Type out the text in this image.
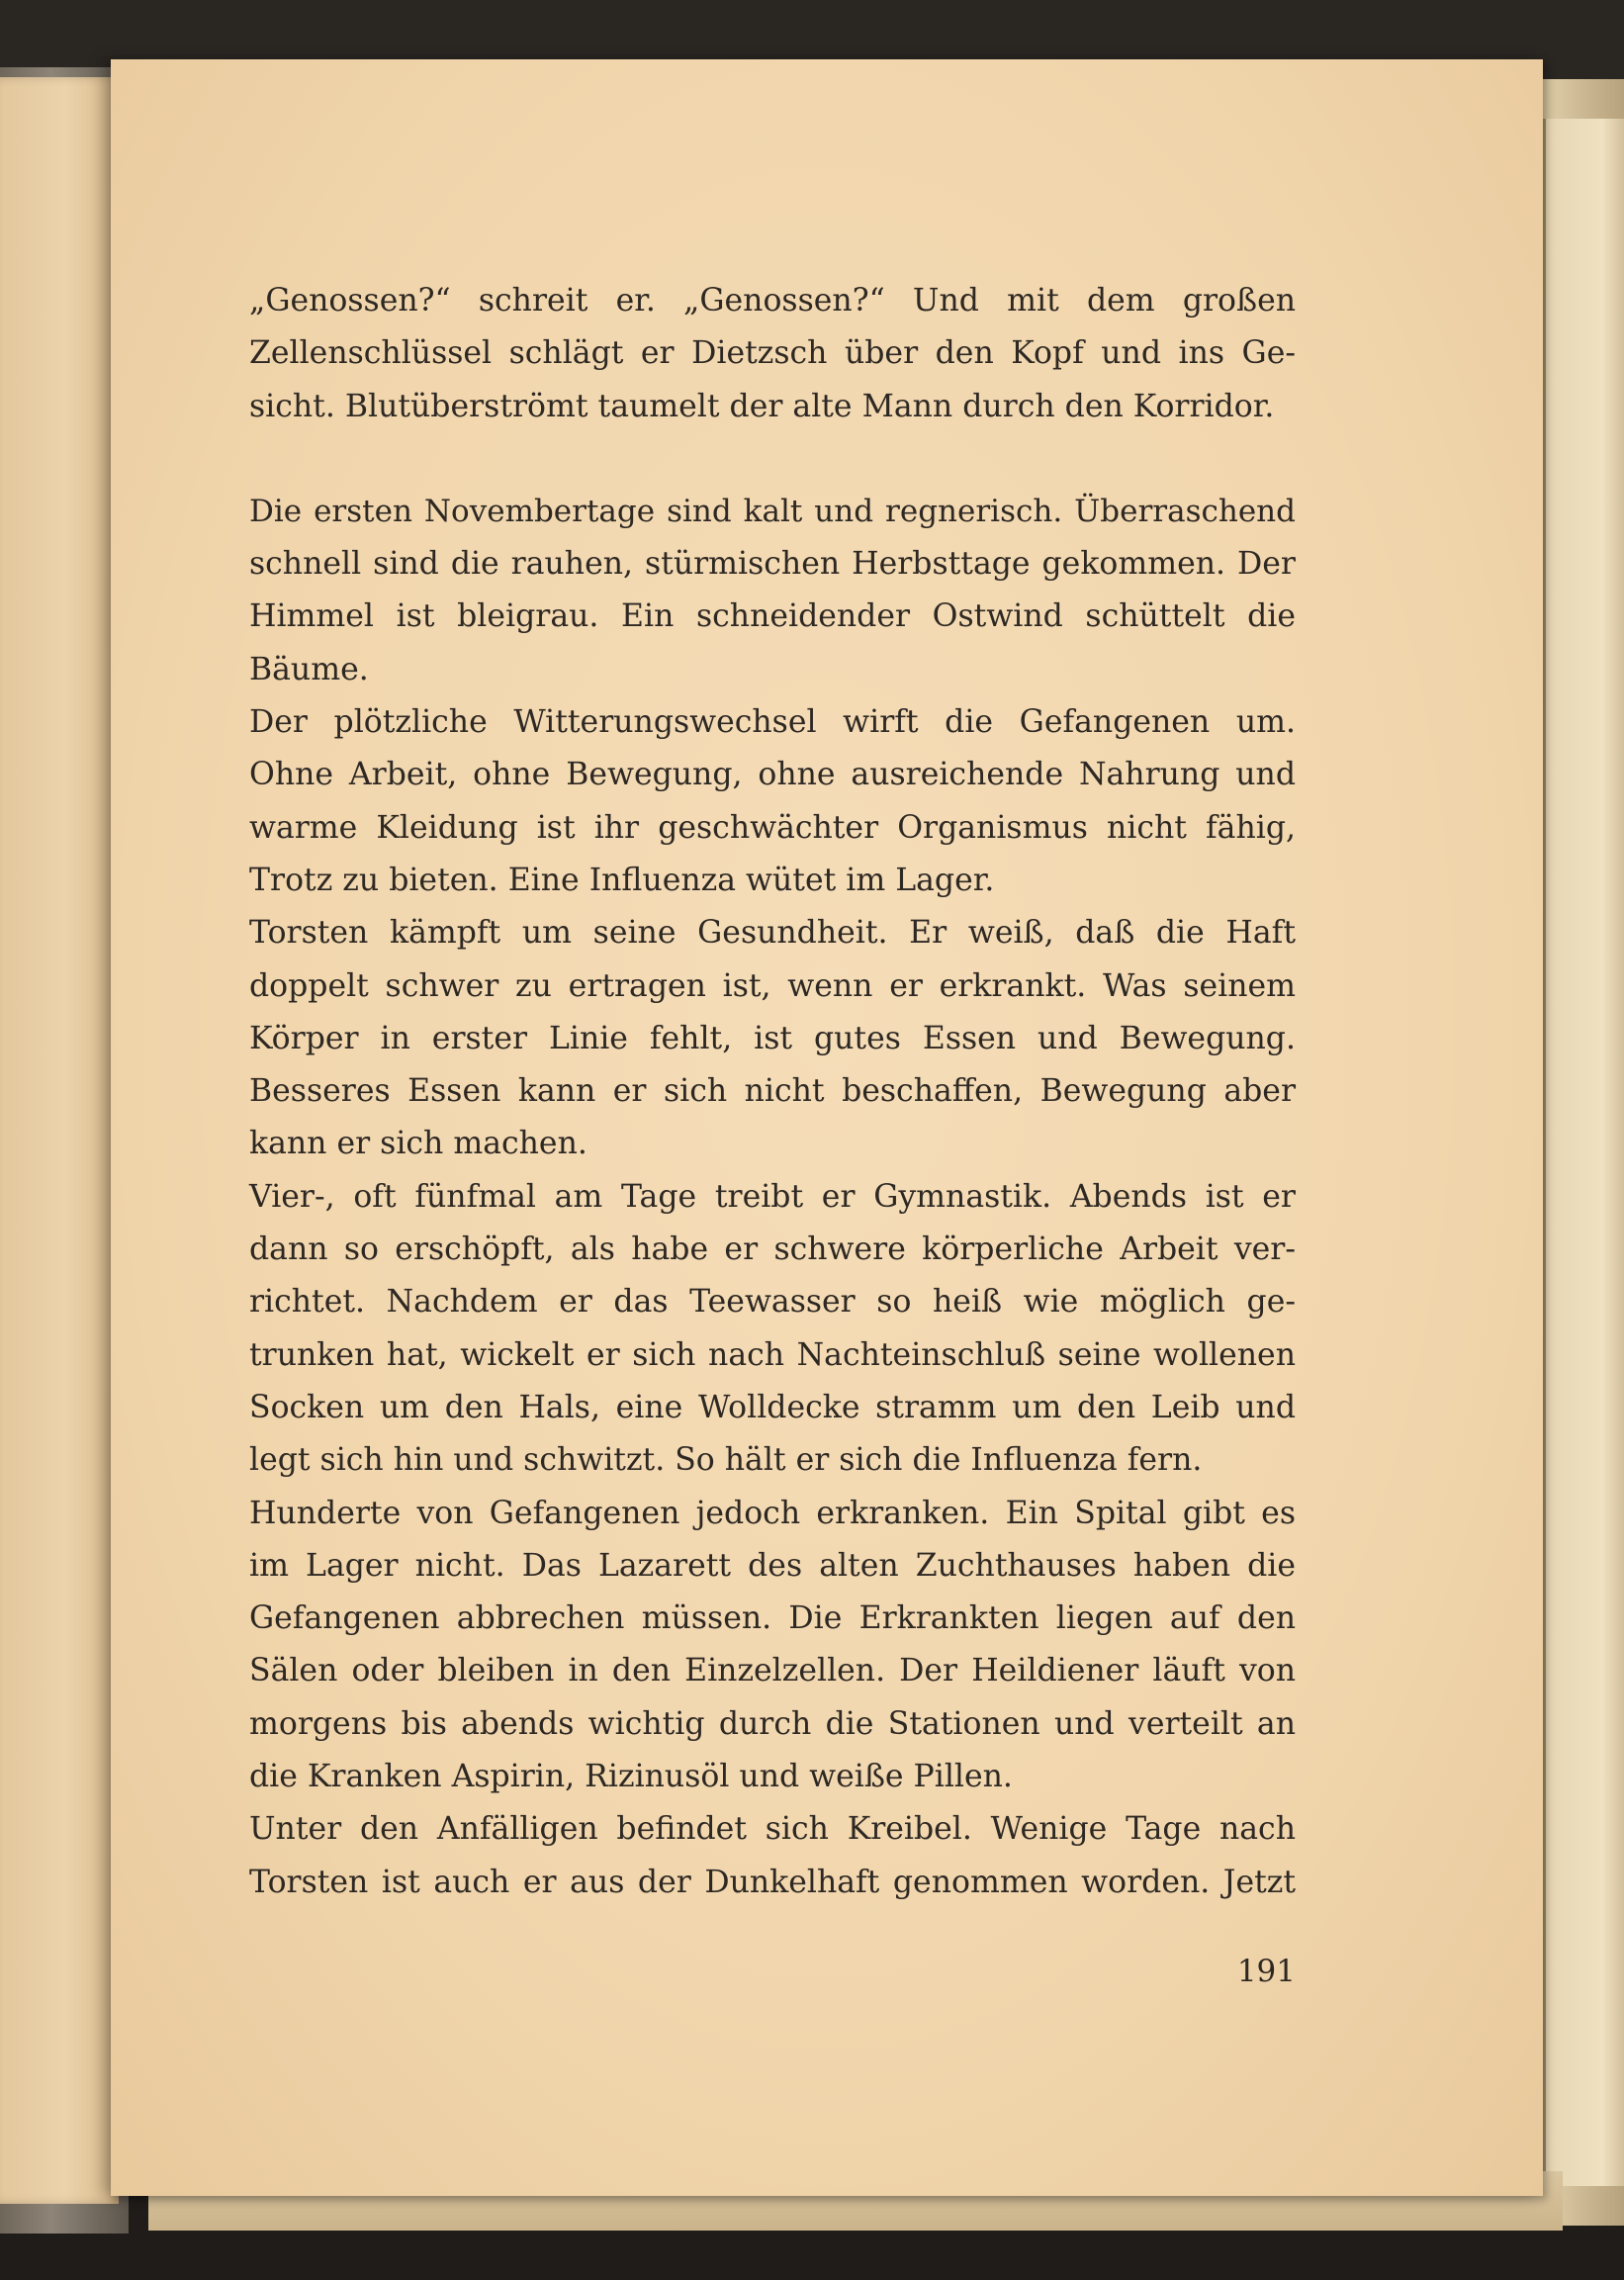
„Genossen?“ schreit er. „Genossen?“ Und mit dem großen
Zellenschlüssel schlägt er Dietzsch über den Kopf und ins Ge-
sicht. Blutüberströmt taumelt der alte Mann durch den Korridor.
Die ersten Novembertage sind kalt und regnerisch. Überraschend
schnell sind die rauhen, stürmischen Herbsttage gekommen. Der
Himmel ist bleigrau. Ein schneidender Ostwind schüttelt die
Bäume.
Der plötzliche Witterungswechsel wirft die Gefangenen um.
Ohne Arbeit, ohne Bewegung, ohne ausreichende Nahrung und
warme Kleidung ist ihr geschwächter Organismus nicht fähig,
Trotz zu bieten. Eine Influenza wütet im Lager.
Torsten kämpft um seine Gesundheit. Er weiß, daß die Haft
doppelt schwer zu ertragen ist, wenn er erkrankt. Was seinem
Körper in erster Linie fehlt, ist gutes Essen und Bewegung.
Besseres Essen kann er sich nicht beschaffen, Bewegung aber
kann er sich machen.
Vier-, oft fünfmal am Tage treibt er Gymnastik. Abends ist er
dann so erschöpft, als habe er schwere körperliche Arbeit ver-
richtet. Nachdem er das Teewasser so heiß wie möglich ge-
trunken hat, wickelt er sich nach Nachteinschluß seine wollenen
Socken um den Hals, eine Wolldecke stramm um den Leib und
legt sich hin und schwitzt. So hält er sich die Influenza fern.
Hunderte von Gefangenen jedoch erkranken. Ein Spital gibt es
im Lager nicht. Das Lazarett des alten Zuchthauses haben die
Gefangenen abbrechen müssen. Die Erkrankten liegen auf den
Sälen oder bleiben in den Einzelzellen. Der Heildiener läuft von
morgens bis abends wichtig durch die Stationen und verteilt an
die Kranken Aspirin, Rizinusöl und weiße Pillen.
Unter den Anfälligen befindet sich Kreibel. Wenige Tage nach
Torsten ist auch er aus der Dunkelhaft genommen worden. Jetzt
191
